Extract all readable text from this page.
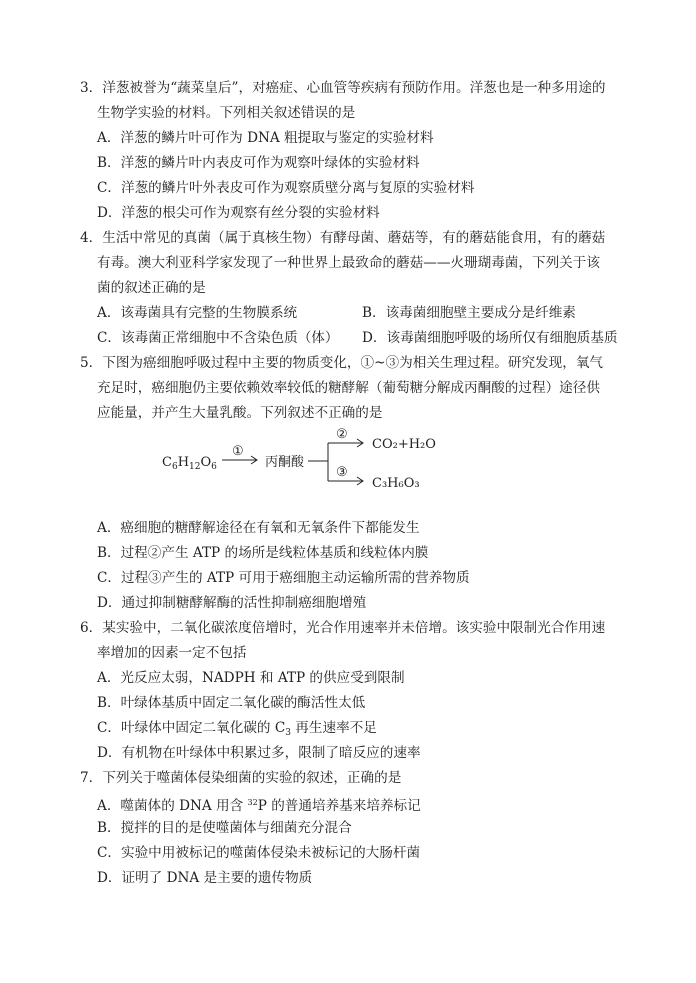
3．洋葱被誉为“蔬菜皇后”，对癌症、心血管等疾病有预防作用。洋葱也是一种多用途的
生物学实验的材料。下列相关叙述错误的是
A．洋葱的鳞片叶可作为 DNA 粗提取与鉴定的实验材料
B．洋葱的鳞片叶内表皮可作为观察叶绿体的实验材料
C．洋葱的鳞片叶外表皮可作为观察质壁分离与复原的实验材料
D．洋葱的根尖可作为观察有丝分裂的实验材料
4．生活中常见的真菌（属于真核生物）有酵母菌、蘑菇等，有的蘑菇能食用，有的蘑菇
有毒。澳大利亚科学家发现了一种世界上最致命的蘑菇——火珊瑚毒菌，下列关于该
菌的叙述正确的是
A．该毒菌具有完整的生物膜系统	B．该毒菌细胞壁主要成分是纤维素
C．该毒菌正常细胞中不含染色质（体） D．该毒菌细胞呼吸的场所仅有细胞质基质
5．下图为癌细胞呼吸过程中主要的物质变化，①~③为相关生理过程。研究发现，氧气
充足时，癌细胞仍主要依赖效率较低的糖酵解（葡萄糖分解成丙酮酸的过程）途径供
应能量，并产生大量乳酸。下列叙述不正确的是
$C_6H_{12}O_6$
①
丙酮酸
②
③
CO₂+H₂O
C₃H₆O₃
A．癌细胞的糖酵解途径在有氧和无氧条件下都能发生
B．过程②产生 ATP 的场所是线粒体基质和线粒体内膜
C．过程③产生的 ATP 可用于癌细胞主动运输所需的营养物质
D．通过抑制糖酵解酶的活性抑制癌细胞增殖
6．某实验中，二氧化碳浓度倍增时，光合作用速率并未倍增。该实验中限制光合作用速
率增加的因素一定不包括
A．光反应太弱，NADPH 和 ATP 的供应受到限制
B．叶绿体基质中固定二氧化碳的酶活性太低
C．叶绿体中固定二氧化碳的 $C_3$ 再生速率不足
D．有机物在叶绿体中积累过多，限制了暗反应的速率
7．下列关于噬菌体侵染细菌的实验的叙述，正确的是
A．噬菌体的 DNA 用含 $^{32}$P 的普通培养基来培养标记
B．搅拌的目的是使噬菌体与细菌充分混合
C．实验中用被标记的噬菌体侵染未被标记的大肠杆菌
D．证明了 DNA 是主要的遗传物质
